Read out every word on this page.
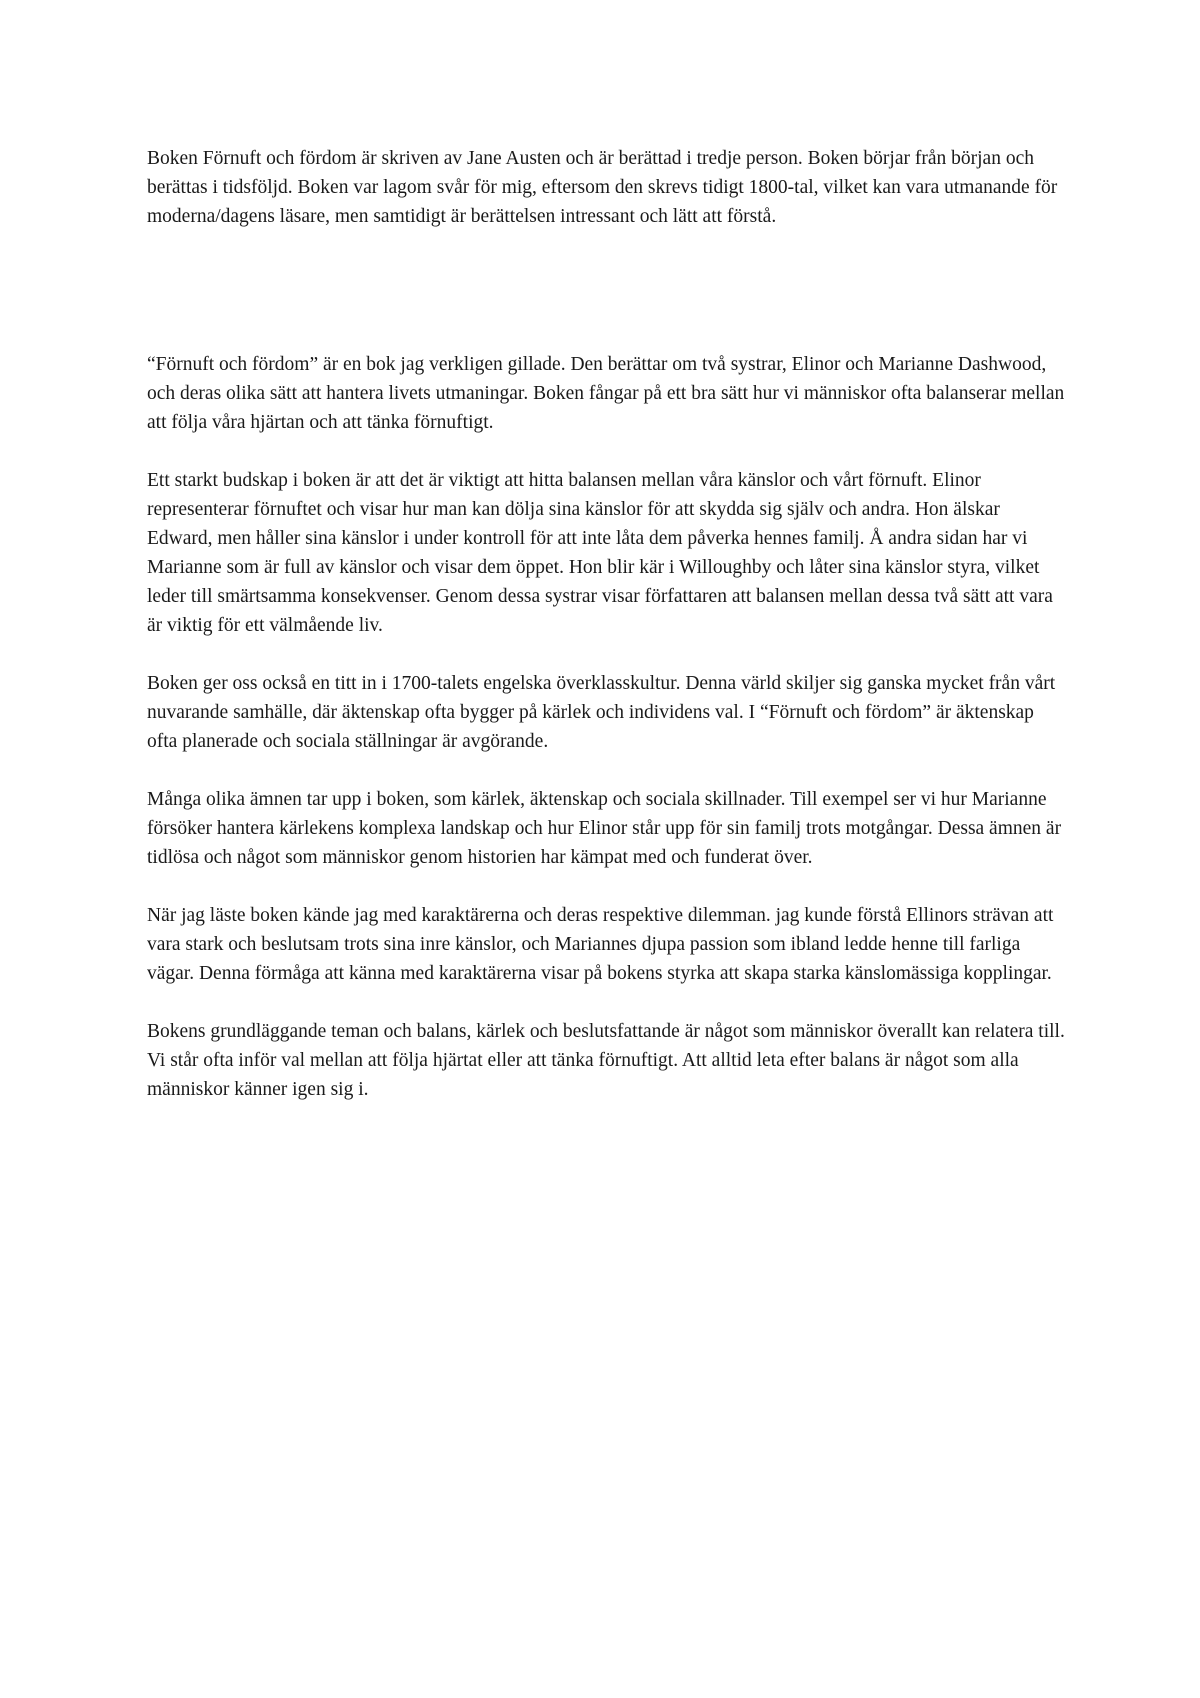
Boken Förnuft och fördom är skriven av Jane Austen och är berättad i tredje person. Boken börjar från början och berättas i tidsföljd. Boken var lagom svår för mig, eftersom den skrevs tidigt 1800-tal, vilket kan vara utmanande för moderna/dagens läsare, men samtidigt är berättelsen intressant och lätt att förstå.

“Förnuft och fördom” är en bok jag verkligen gillade. Den berättar om två systrar, Elinor och Marianne Dashwood, och deras olika sätt att hantera livets utmaningar. Boken fångar på ett bra sätt hur vi människor ofta balanserar mellan att följa våra hjärtan och att tänka förnuftigt.

Ett starkt budskap i boken är att det är viktigt att hitta balansen mellan våra känslor och vårt förnuft. Elinor representerar förnuftet och visar hur man kan dölja sina känslor för att skydda sig själv och andra. Hon älskar Edward, men håller sina känslor i under kontroll för att inte låta dem påverka hennes familj. Å andra sidan har vi Marianne som är full av känslor och visar dem öppet. Hon blir kär i Willoughby och låter sina känslor styra, vilket leder till smärtsamma konsekvenser. Genom dessa systrar visar författaren att balansen mellan dessa två sätt att vara är viktig för ett välmående liv.

Boken ger oss också en titt in i 1700-talets engelska överklasskultur. Denna värld skiljer sig ganska mycket från vårt nuvarande samhälle, där äktenskap ofta bygger på kärlek och individens val. I “Förnuft och fördom” är äktenskap ofta planerade och sociala ställningar är avgörande.

Många olika ämnen tar upp i boken, som kärlek, äktenskap och sociala skillnader. Till exempel ser vi hur Marianne försöker hantera kärlekens komplexa landskap och hur Elinor står upp för sin familj trots motgångar. Dessa ämnen är tidlösa och något som människor genom historien har kämpat med och funderat över.

När jag läste boken kände jag med karaktärerna och deras respektive dilemman. jag kunde förstå Ellinors strävan att vara stark och beslutsam trots sina inre känslor, och Mariannes djupa passion som ibland ledde henne till farliga vägar. Denna förmåga att känna med karaktärerna visar på bokens styrka att skapa starka känslomässiga kopplingar.

Bokens grundläggande teman och balans, kärlek och beslutsfattande är något som människor överallt kan relatera till. Vi står ofta inför val mellan att följa hjärtat eller att tänka förnuftigt. Att alltid leta efter balans är något som alla människor känner igen sig i.
